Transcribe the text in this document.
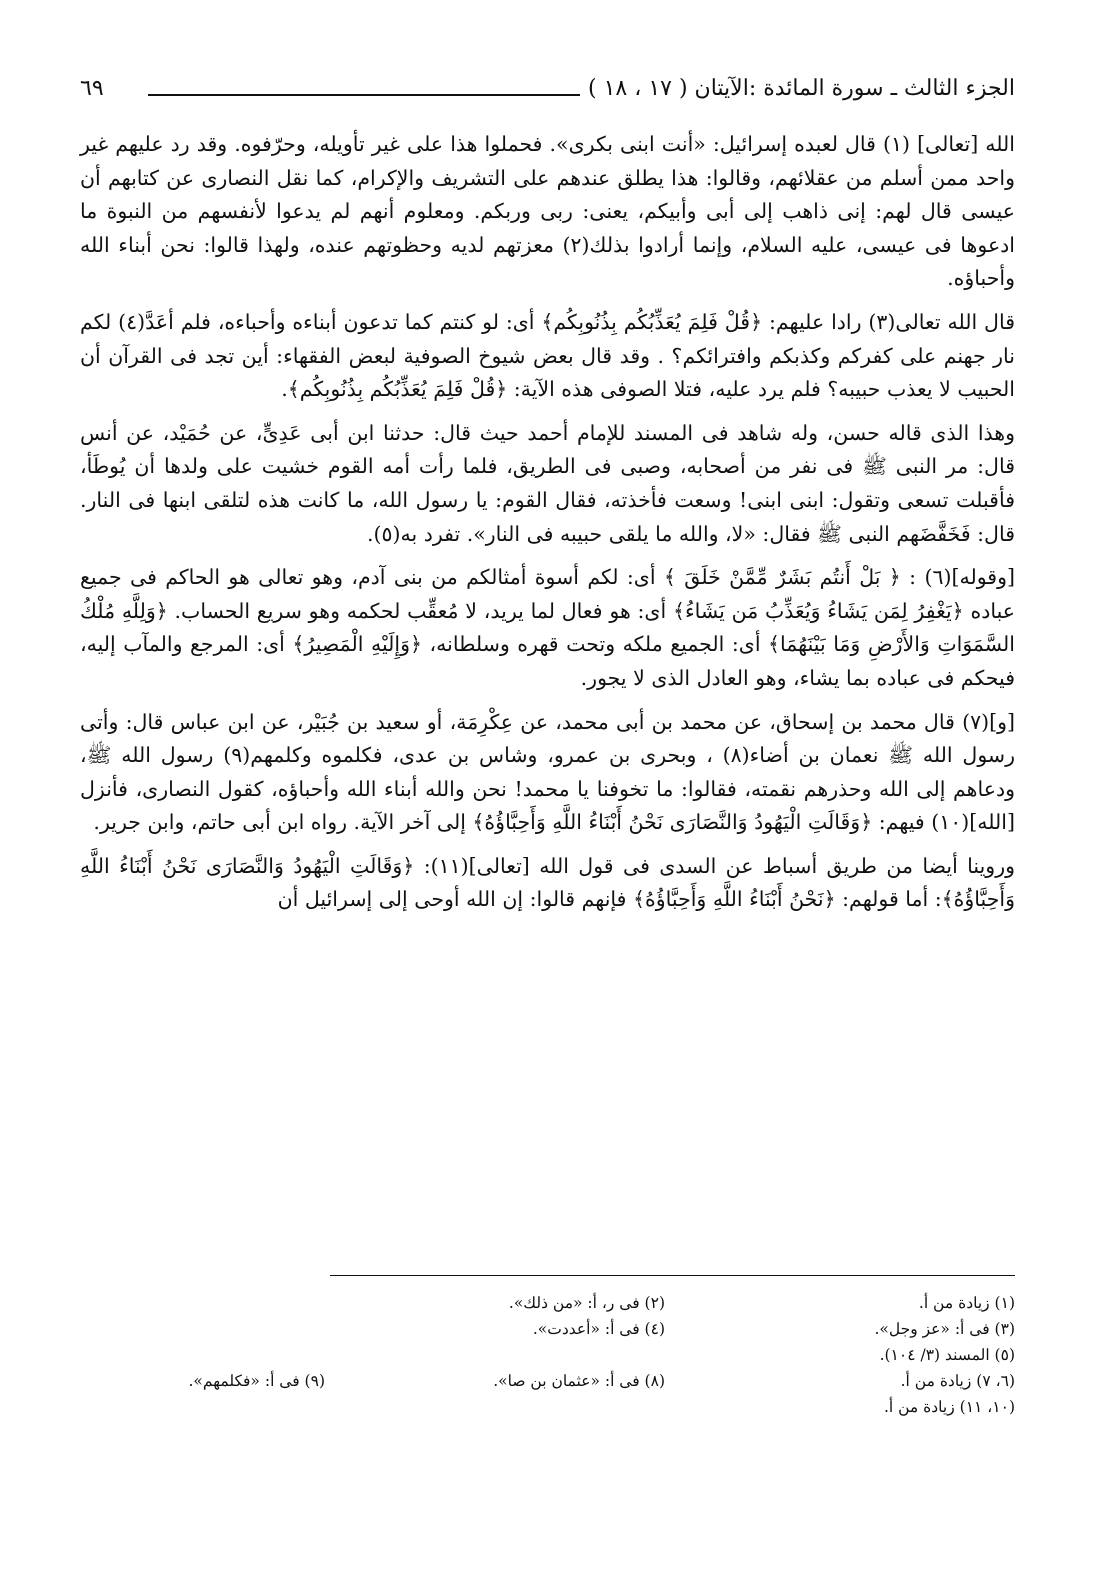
الجزء الثالث ـ سورة المائدة :الآيتان ( ١٧ ، ١٨ )
٦٩

الله [تعالى] (١) قال لعبده إسرائيل: «أنت ابنى بكرى». فحملوا هذا على غير تأويله، وحرّفوه. وقد رد عليهم غير واحد ممن أسلم من عقلائهم، وقالوا: هذا يطلق عندهم على التشريف والإكرام، كما نقل النصارى عن كتابهم أن عيسى قال لهم: إنى ذاهب إلى أبى وأبيكم، يعنى: ربى وربكم. ومعلوم أنهم لم يدعوا لأنفسهم من النبوة ما ادعوها فى عيسى، عليه السلام، وإنما أرادوا بذلك(٢) معزتهم لديه وحظوتهم عنده، ولهذا قالوا: نحن أبناء الله وأحباؤه.

قال الله تعالى(٣) رادا عليهم: ﴿قُلْ فَلِمَ يُعَذِّبُكُم بِذُنُوبِكُم﴾ أى: لو كنتم كما تدعون أبناءه وأحباءه، فلم أعَدَّ(٤) لكم نار جهنم على كفركم وكذبكم وافترائكم؟ . وقد قال بعض شيوخ الصوفية لبعض الفقهاء: أين تجد فى القرآن أن الحبيب لا يعذب حبيبه؟ فلم يرد عليه، فتلا الصوفى هذه الآية: ﴿قُلْ فَلِمَ يُعَذِّبُكُم بِذُنُوبِكُم﴾.

وهذا الذى قاله حسن، وله شاهد فى المسند للإمام أحمد حيث قال: حدثنا ابن أبى عَدِىٍّ، عن حُمَيْد، عن أنس قال: مر النبى ﷺ فى نفر من أصحابه، وصبى فى الطريق، فلما رأت أمه القوم خشيت على ولدها أن يُوطَأ، فأقبلت تسعى وتقول: ابنى ابنى! وسعت فأخذته، فقال القوم: يا رسول الله، ما كانت هذه لتلقى ابنها فى النار. قال: فَخَفَّضَهم النبى ﷺ فقال: «لا، والله ما يلقى حبيبه فى النار». تفرد به(٥).

[وقوله](٦) : ﴿ بَلْ أَنتُم بَشَرٌ مِّمَّنْ خَلَقَ ﴾ أى: لكم أسوة أمثالكم من بنى آدم، وهو تعالى هو الحاكم فى جميع عباده ﴿يَغْفِرُ لِمَن يَشَاءُ وَيُعَذِّبُ مَن يَشَاءُ﴾ أى: هو فعال لما يريد، لا مُعقِّب لحكمه وهو سريع الحساب. ﴿وَلِلَّهِ مُلْكُ السَّمَوَاتِ وَالأَرْضِ وَمَا بَيْنَهُمَا﴾ أى: الجميع ملكه وتحت قهره وسلطانه، ﴿وَإِلَيْهِ الْمَصِيرُ﴾ أى: المرجع والمآب إليه، فيحكم فى عباده بما يشاء، وهو العادل الذى لا يجور.

[و](٧) قال محمد بن إسحاق، عن محمد بن أبى محمد، عن عِكْرِمَة، أو سعيد بن جُبَيْر، عن ابن عباس قال: وأتى رسول الله ﷺ نعمان بن أضاء(٨) ، وبحرى بن عمرو، وشاس بن عدى، فكلموه وكلمهم(٩) رسول الله ﷺ، ودعاهم إلى الله وحذرهم نقمته، فقالوا: ما تخوفنا يا محمد! نحن والله أبناء الله وأحباؤه، كقول النصارى، فأنزل [الله](١٠) فيهم: ﴿وَقَالَتِ الْيَهُودُ وَالنَّصَارَى نَحْنُ أَبْنَاءُ اللَّهِ وَأَحِبَّاؤُهُ﴾ إلى آخر الآية. رواه ابن أبى حاتم، وابن جرير.

وروينا أيضا من طريق أسباط عن السدى فى قول الله [تعالى](١١): ﴿وَقَالَتِ الْيَهُودُ وَالنَّصَارَى نَحْنُ أَبْنَاءُ اللَّهِ وَأَحِبَّاؤُهُ﴾: أما قولهم: ﴿نَحْنُ أَبْنَاءُ اللَّهِ وَأَحِبَّاؤُهُ﴾ فإنهم قالوا: إن الله أوحى إلى إسرائيل أن

(١) زيادة من أ.
(٢) فى ر، أ: «من ذلك».
(٣) فى أ: «عز وجل».
(٤) فى أ: «أعددت».
(٥) المسند (٣/ ١٠٤).
(٦، ٧) زيادة من أ.
(٨) فى أ: «عثمان بن صا».
(٩) فى أ: «فكلمهم».
(١٠، ١١) زيادة من أ.
